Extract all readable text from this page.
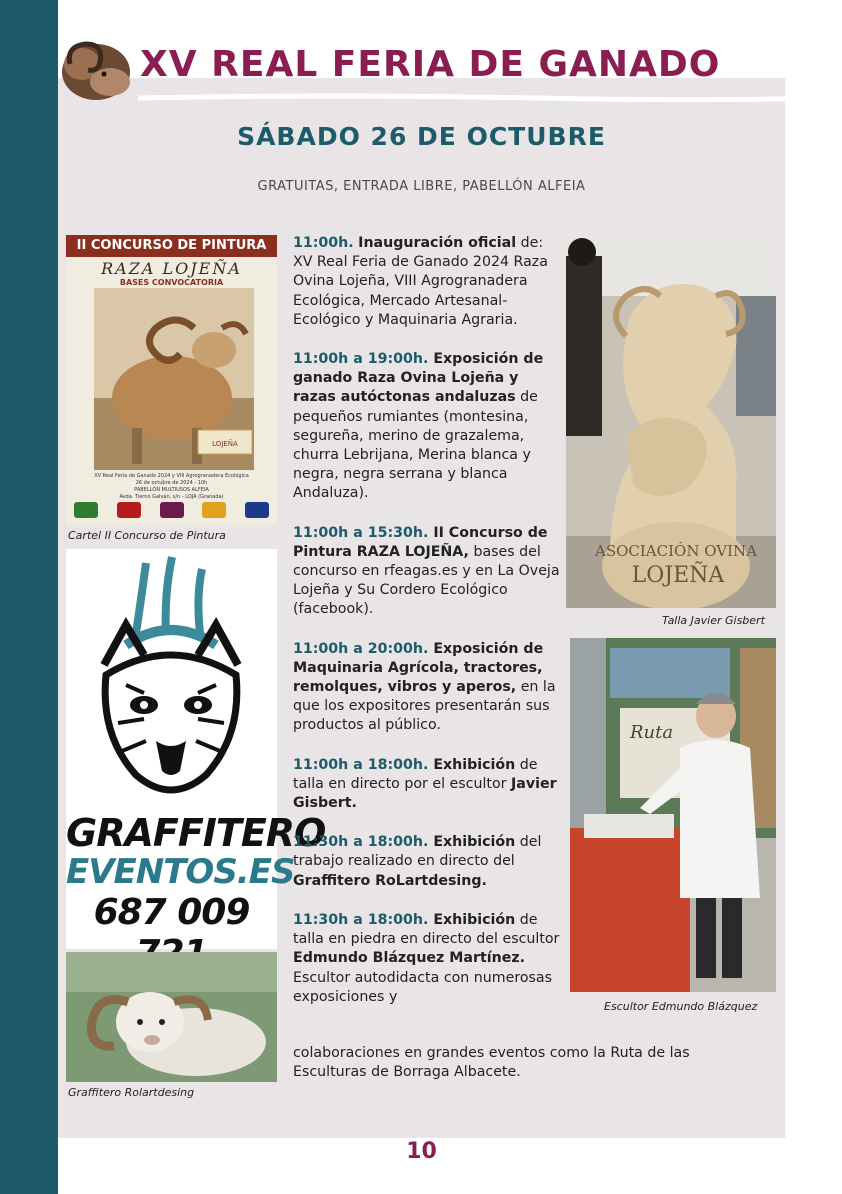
XV REAL FERIA DE GANADO
SÁBADO 26 DE OCTUBRE
GRATUITAS, ENTRADA LIBRE, PABELLÓN ALFEIA
II CONCURSO DE PINTURA
RAZA LOJEÑA
BASES CONVOCATORIA
LOJEÑA
XV Real Feria de Ganado 2024 y VIII Agrogranadera Ecológica
26 de octubre de 2024 - 10h
PABELLÓN MULTIUSOS ALFEIA
Avda. Tierno Galván, s/n - LOJA (Granada)
Cartel II Concurso de Pintura
GRAFFITERO
EVENTOS.ES
687 009
Graffitero Rolartdesing

11:00h. Inauguración oficial de: XV Real Feria de Ganado 2024 Raza Ovina Lojeña, VIII Agrogranadera Ecológica, Mercado Artesanal-Ecológico y Maquinaria Agraria.

11:00h a 19:00h. Exposición de ganado Raza Ovina Lojeña y razas autóctonas andaluzas de pequeños rumiantes (montesina, segureña, merino de grazalema, churra Lebrijana, Merina blanca y negra, negra serrana y blanca Andaluza).

11:00h a 15:30h. II Concurso de Pintura RAZA LOJEÑA, bases del concurso en rfeagas.es y en La Oveja Lojeña y Su Cordero Ecológico (facebook).

11:00h a 20:00h. Exposición de Maquinaria Agrícola, tractores, remolques, vibros y aperos, en la que los expositores presentarán sus productos al público.

11:00h a 18:00h. Exhibición de talla en directo por el escultor Javier Gisbert.

11:30h a 18:00h. Exhibición del trabajo realizado en directo del Graffitero RoLartdesing.

11:30h a 18:00h. Exhibición de talla en piedra en directo del escultor Edmundo Blázquez Martínez. Escultor autodidacta con numerosas exposiciones y

colaboraciones en grandes eventos como la Ruta de las Esculturas de Borraga Albacete.
ASOCIACIÓN OVINA
LOJEÑA
Talla Javier Gisbert
Ruta
Escultor Edmundo Blázquez
10
